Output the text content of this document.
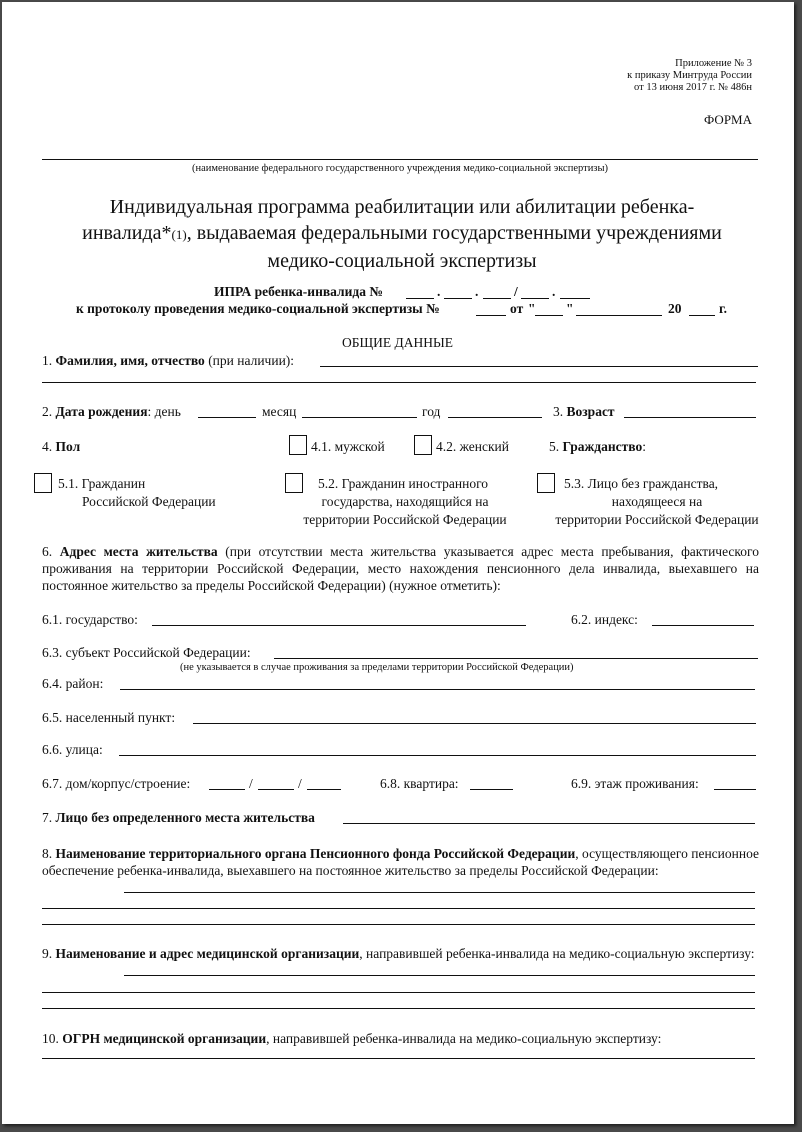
Приложение № 3
к приказу Минтруда России
от 13 июня 2017 г. № 486н
ФОРМА
(наименование федерального государственного учреждения медико-социальной экспертизы)
Индивидуальная программа реабилитации или абилитации ребенка-
инвалида*(1), выдаваемая федеральными государственными учреждениями
медико-социальной экспертизы
ИПРА ребенка-инвалида №	.	.	/	.
к протоколу проведения медико-социальной экспертизы №	от " "	20	г.
ОБЩИЕ ДАННЫЕ
1. Фамилия, имя, отчество (при наличии):
2. Дата рождения: день	месяц	год	3. Возраст
4. Пол	4.1. мужской	4.2. женский	5. Гражданство:
5.1. Гражданин
Российской Федерации
5.2. Гражданин иностранного
государства, находящийся на
территории Российской Федерации
5.3. Лицо без гражданства,
находящееся на
территории Российской Федерации
6. Адрес места жительства (при отсутствии места жительства указывается адрес места пребывания, фактического проживания на территории Российской Федерации, место нахождения пенсионного дела инвалида, выехавшего на постоянное жительство за пределы Российской Федерации) (нужное отметить):
6.1. государство:	6.2. индекс:
6.3. субъект Российской Федерации:
(не указывается в случае проживания за пределами территории Российской Федерации)
6.4. район:
6.5. населенный пункт:
6.6. улица:
6.7. дом/корпус/строение:	/	/	6.8. квартира:	6.9. этаж проживания:
7. Лицо без определенного места жительства
8. Наименование территориального органа Пенсионного фонда Российской Федерации, осуществляющего пенсионное обеспечение ребенка-инвалида, выехавшего на постоянное жительство за пределы Российской Федерации:
9. Наименование и адрес медицинской организации, направившей ребенка-инвалида на медико-социальную экспертизу:
10. ОГРН медицинской организации, направившей ребенка-инвалида на медико-социальную экспертизу:
